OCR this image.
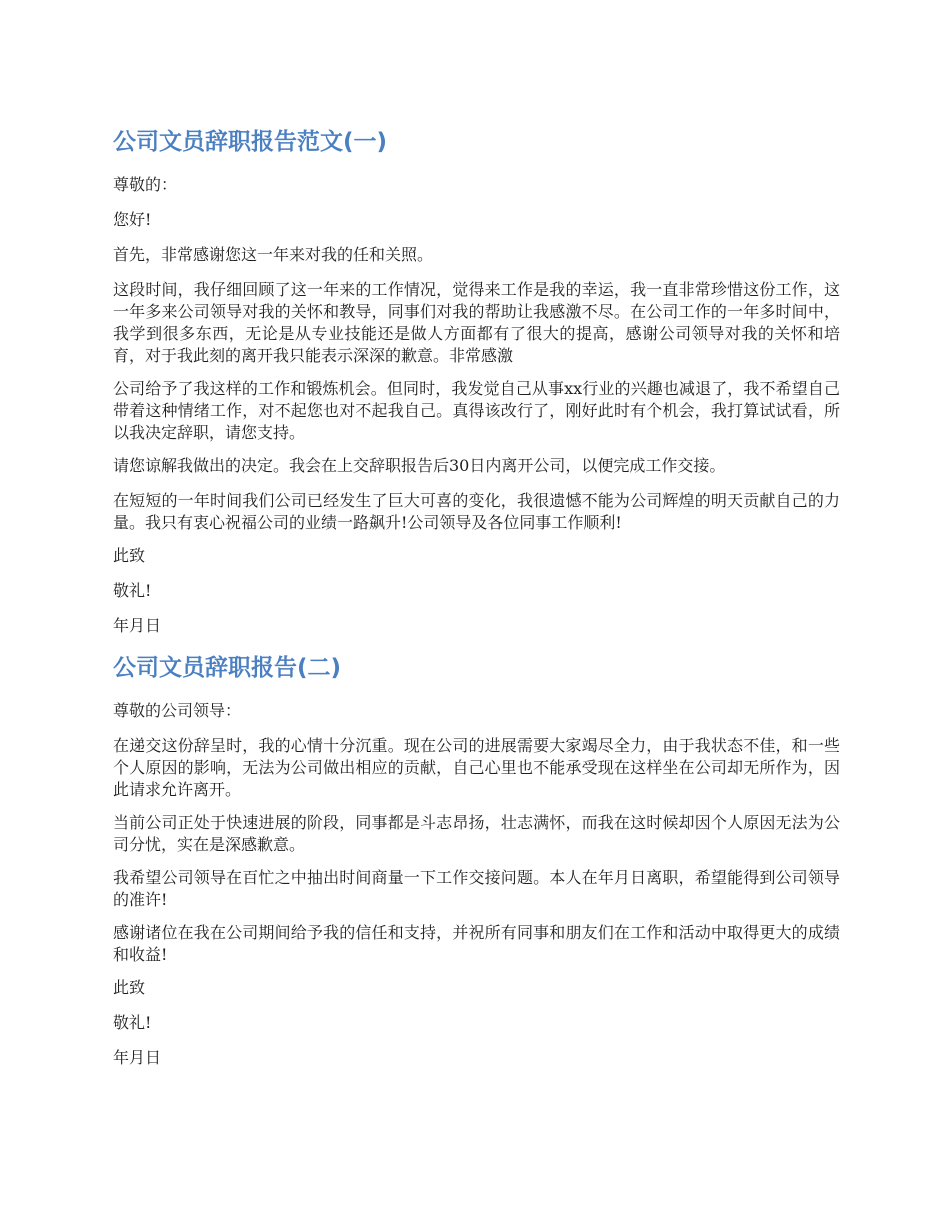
公司文员辞职报告范文(一)

尊敬的：

您好!

首先，非常感谢您这一年来对我的任和关照。

这段时间，我仔细回顾了这一年来的工作情况，觉得来工作是我的幸运，我一直非常珍惜这份工作，这一年多来公司领导对我的关怀和教导，同事们对我的帮助让我感激不尽。在公司工作的一年多时间中，我学到很多东西，无论是从专业技能还是做人方面都有了很大的提高，感谢公司领导对我的关怀和培育，对于我此刻的离开我只能表示深深的歉意。非常感激

公司给予了我这样的工作和锻炼机会。但同时，我发觉自己从事xx行业的兴趣也减退了，我不希望自己带着这种情绪工作，对不起您也对不起我自己。真得该改行了，刚好此时有个机会，我打算试试看，所以我决定辞职，请您支持。

请您谅解我做出的决定。我会在上交辞职报告后30日内离开公司，以便完成工作交接。

在短短的一年时间我们公司已经发生了巨大可喜的变化，我很遗憾不能为公司辉煌的明天贡献自己的力量。我只有衷心祝福公司的业绩一路飙升!公司领导及各位同事工作顺利!

此致

敬礼!

年月日

公司文员辞职报告(二)

尊敬的公司领导：

在递交这份辞呈时，我的心情十分沉重。现在公司的进展需要大家竭尽全力，由于我状态不佳，和一些个人原因的影响，无法为公司做出相应的贡献，自己心里也不能承受现在这样坐在公司却无所作为，因此请求允许离开。

当前公司正处于快速进展的阶段，同事都是斗志昂扬，壮志满怀，而我在这时候却因个人原因无法为公司分忧，实在是深感歉意。

我希望公司领导在百忙之中抽出时间商量一下工作交接问题。本人在年月日离职，希望能得到公司领导的准许!

感谢诸位在我在公司期间给予我的信任和支持，并祝所有同事和朋友们在工作和活动中取得更大的成绩和收益!

此致

敬礼!

年月日
